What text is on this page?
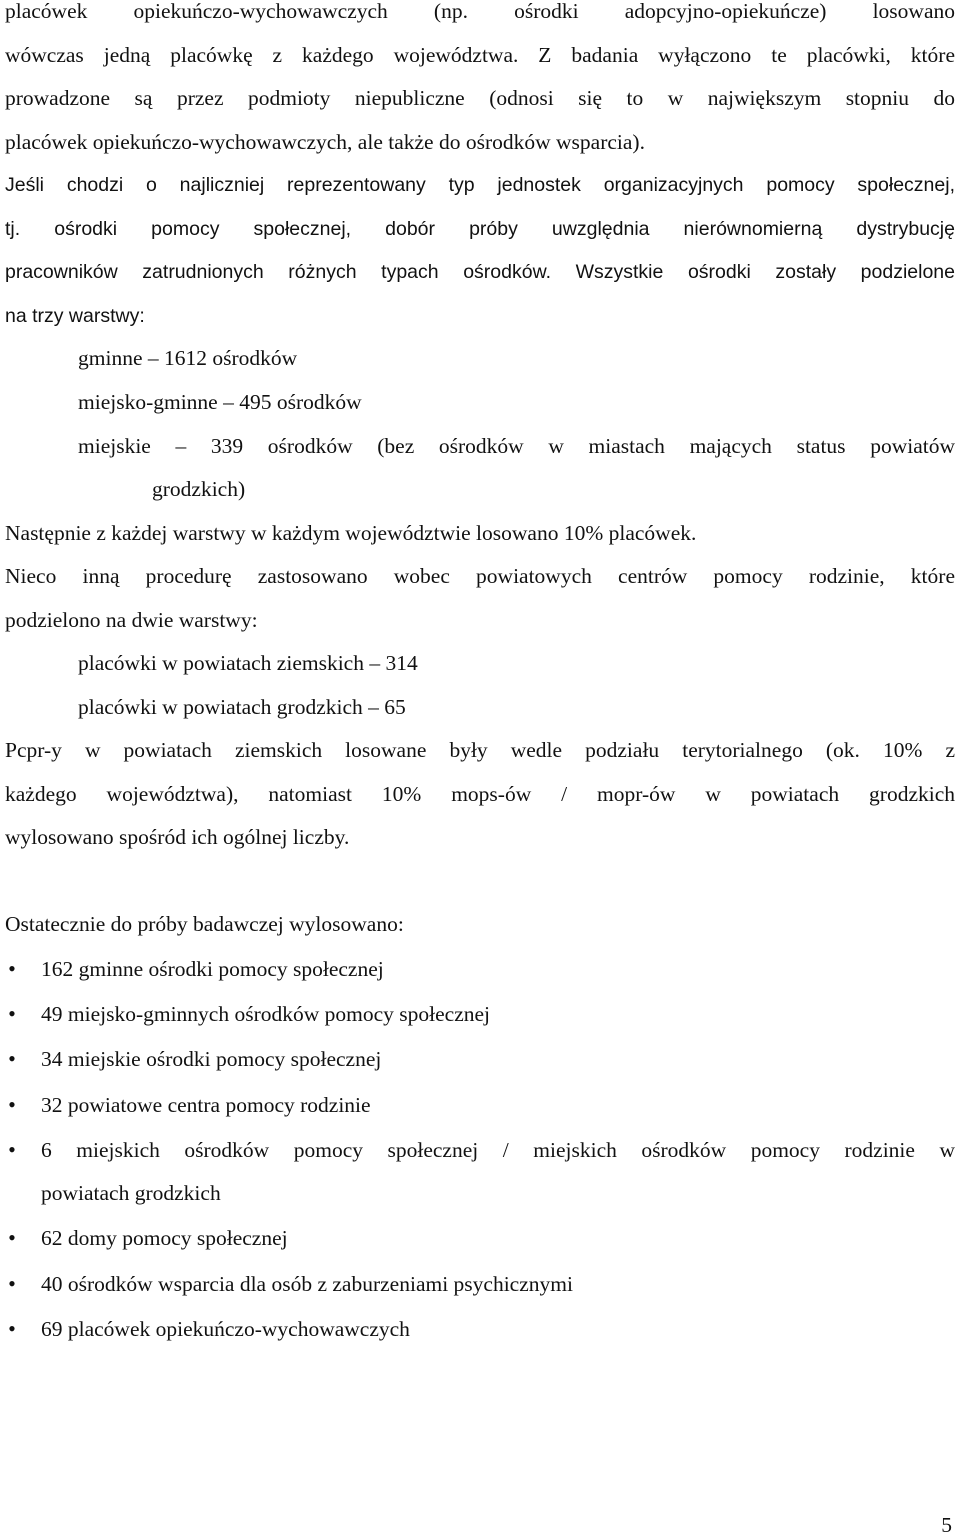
placówek opiekuńczo-wychowawczych (np. ośrodki adopcyjno-opiekuńcze) losowano

wówczas jedną placówkę z każdego województwa. Z badania wyłączono te placówki, które

prowadzone są przez podmioty niepubliczne (odnosi się to w największym stopniu do

placówek opiekuńczo-wychowawczych, ale także do ośrodków wsparcia).

Jeśli chodzi o najliczniej reprezentowany typ jednostek organizacyjnych pomocy społecznej,

tj. ośrodki pomocy społecznej, dobór próby uwzględnia nierównomierną dystrybucję

pracowników zatrudnionych różnych typach ośrodków. Wszystkie ośrodki zostały podzielone

na trzy warstwy:

gminne – 1612 ośrodków

miejsko-gminne – 495 ośrodków

miejskie – 339 ośrodków (bez ośrodków w miastach mających status powiatów

grodzkich)

Następnie z każdej warstwy w każdym województwie losowano 10% placówek.

Nieco inną procedurę zastosowano wobec powiatowych centrów pomocy rodzinie, które

podzielono na dwie warstwy:

placówki w powiatach ziemskich – 314

placówki w powiatach grodzkich – 65

Pcpr-y w powiatach ziemskich losowane były wedle podziału terytorialnego (ok. 10% z

każdego województwa), natomiast 10% mops-ów / mopr-ów w powiatach grodzkich

wylosowano spośród ich ogólnej liczby.

Ostatecznie do próby badawczej wylosowano:

• 162 gminne ośrodki pomocy społecznej

• 49 miejsko-gminnych ośrodków pomocy społecznej

• 34 miejskie ośrodki pomocy społecznej

• 32 powiatowe centra pomocy rodzinie

• 6 miejskich ośrodków pomocy społecznej / miejskich ośrodków pomocy rodzinie w

powiatach grodzkich

• 62 domy pomocy społecznej

• 40 ośrodków wsparcia dla osób z zaburzeniami psychicznymi

• 69 placówek opiekuńczo-wychowawczych

5
